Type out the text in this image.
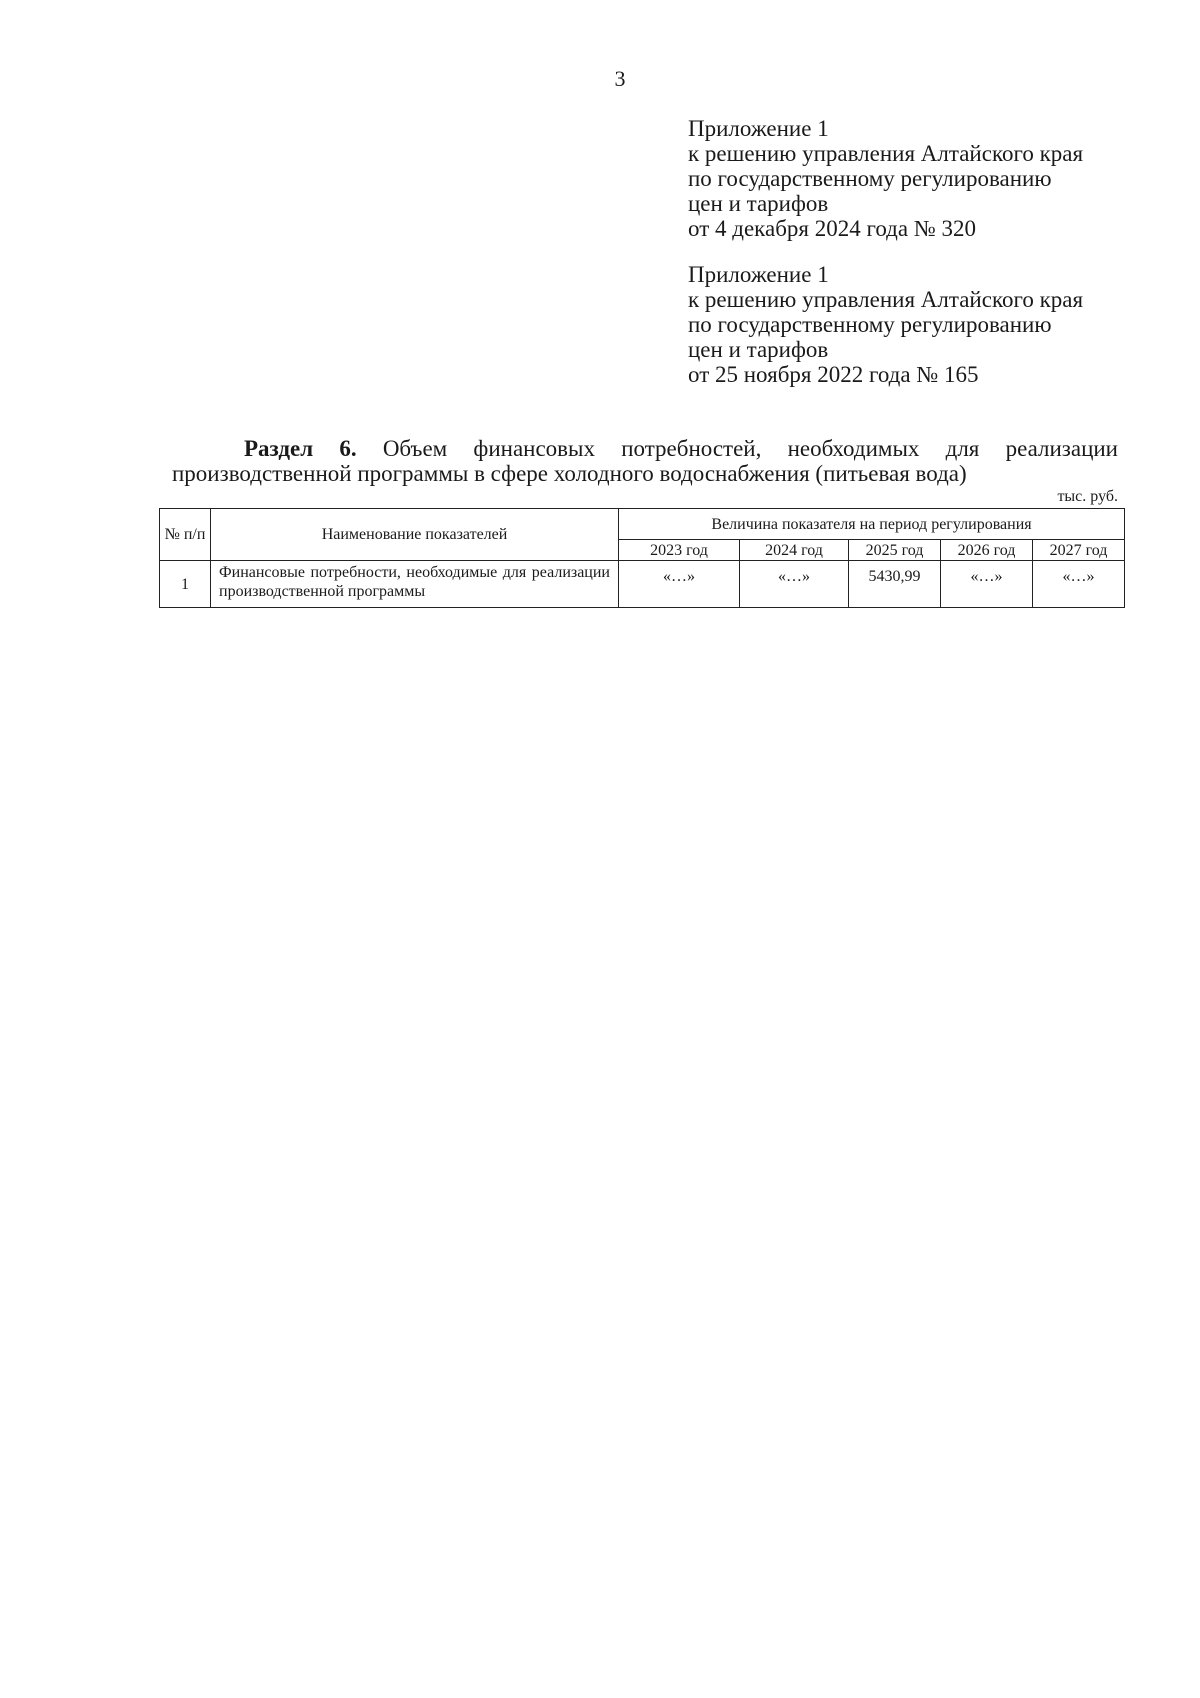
3
Приложение 1
к решению управления Алтайского края
по государственному регулированию
цен и тарифов
от 4 декабря 2024 года № 320
Приложение 1
к решению управления Алтайского края
по государственному регулированию
цен и тарифов
от 25 ноября 2022 года № 165
Раздел 6. Объем финансовых потребностей, необходимых для реализации
производственной программы в сфере холодного водоснабжения (питьевая вода)
тыс. руб.
№ п/п	Наименование показателей	Величина показателя на период регулирования				
		2023 год	2024 год	2025 год	2026 год	2027 год
1	Финансовые потребности, необходимые для реализации производственной программы	«…»	«…»	5430,99	«…»	«…»
